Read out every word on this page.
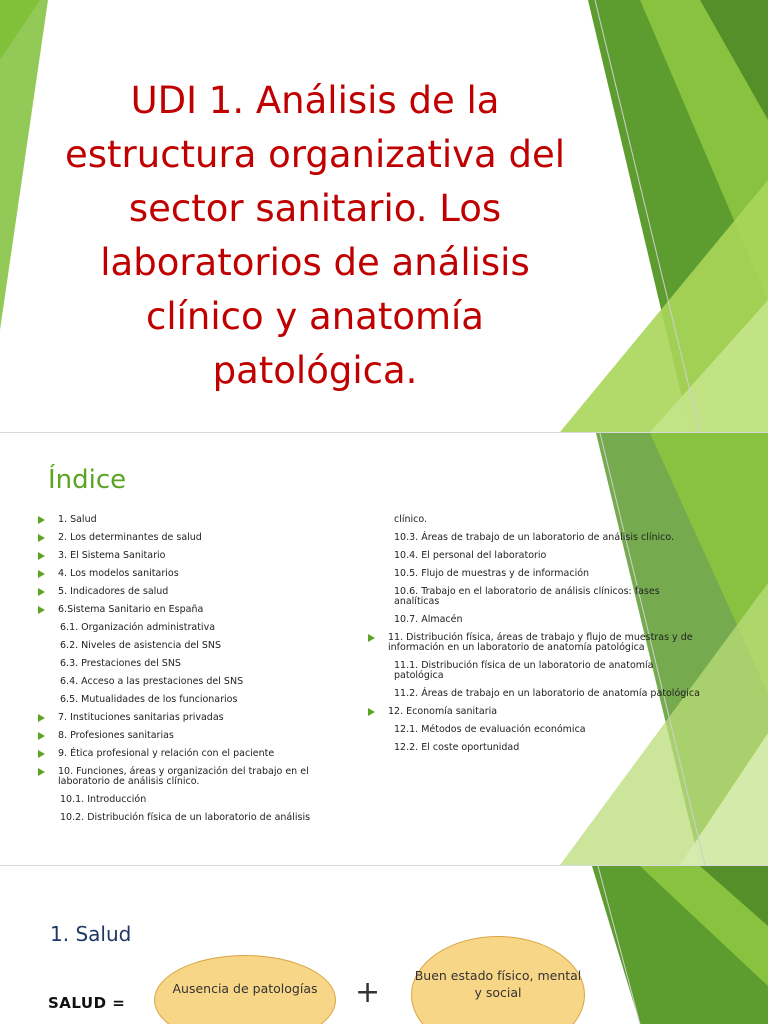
UDI 1. Análisis de la estructura organizativa del sector sanitario. Los laboratorios de análisis clínico y anatomía patológica.
Índice
1. Salud
2. Los determinantes de salud
3. El Sistema Sanitario
4. Los modelos sanitarios
5. Indicadores de salud
6.Sistema Sanitario en España
6.1. Organización administrativa
6.2. Niveles de asistencia del SNS
6.3. Prestaciones del SNS
6.4. Acceso a las prestaciones del SNS
6.5. Mutualidades de los funcionarios
7. Instituciones sanitarias privadas
8. Profesiones sanitarias
9. Ética profesional y relación con el paciente
10. Funciones, áreas y organización del trabajo en el laboratorio de análisis clínico.
10.1. Introducción
10.2. Distribución física de un laboratorio de análisis
clínico.
10.3. Áreas de trabajo de un laboratorio de análisis clínico.
10.4. El personal del laboratorio
10.5. Flujo de muestras y de información
10.6. Trabajo en el laboratorio de análisis clínicos: fases analíticas
10.7. Almacén
11. Distribución física, áreas de trabajo y flujo de muestras y de información en un laboratorio de anatomía patológica
11.1. Distribución física de un laboratorio de anatomía patológica
11.2. Áreas de trabajo en un laboratorio de anatomía patológica
12. Economía sanitaria
12.1. Métodos de evaluación económica
12.2. El coste oportunidad
1. Salud
SALUD =
Ausencia de patologías	+	Buen estado físico, mental y social
